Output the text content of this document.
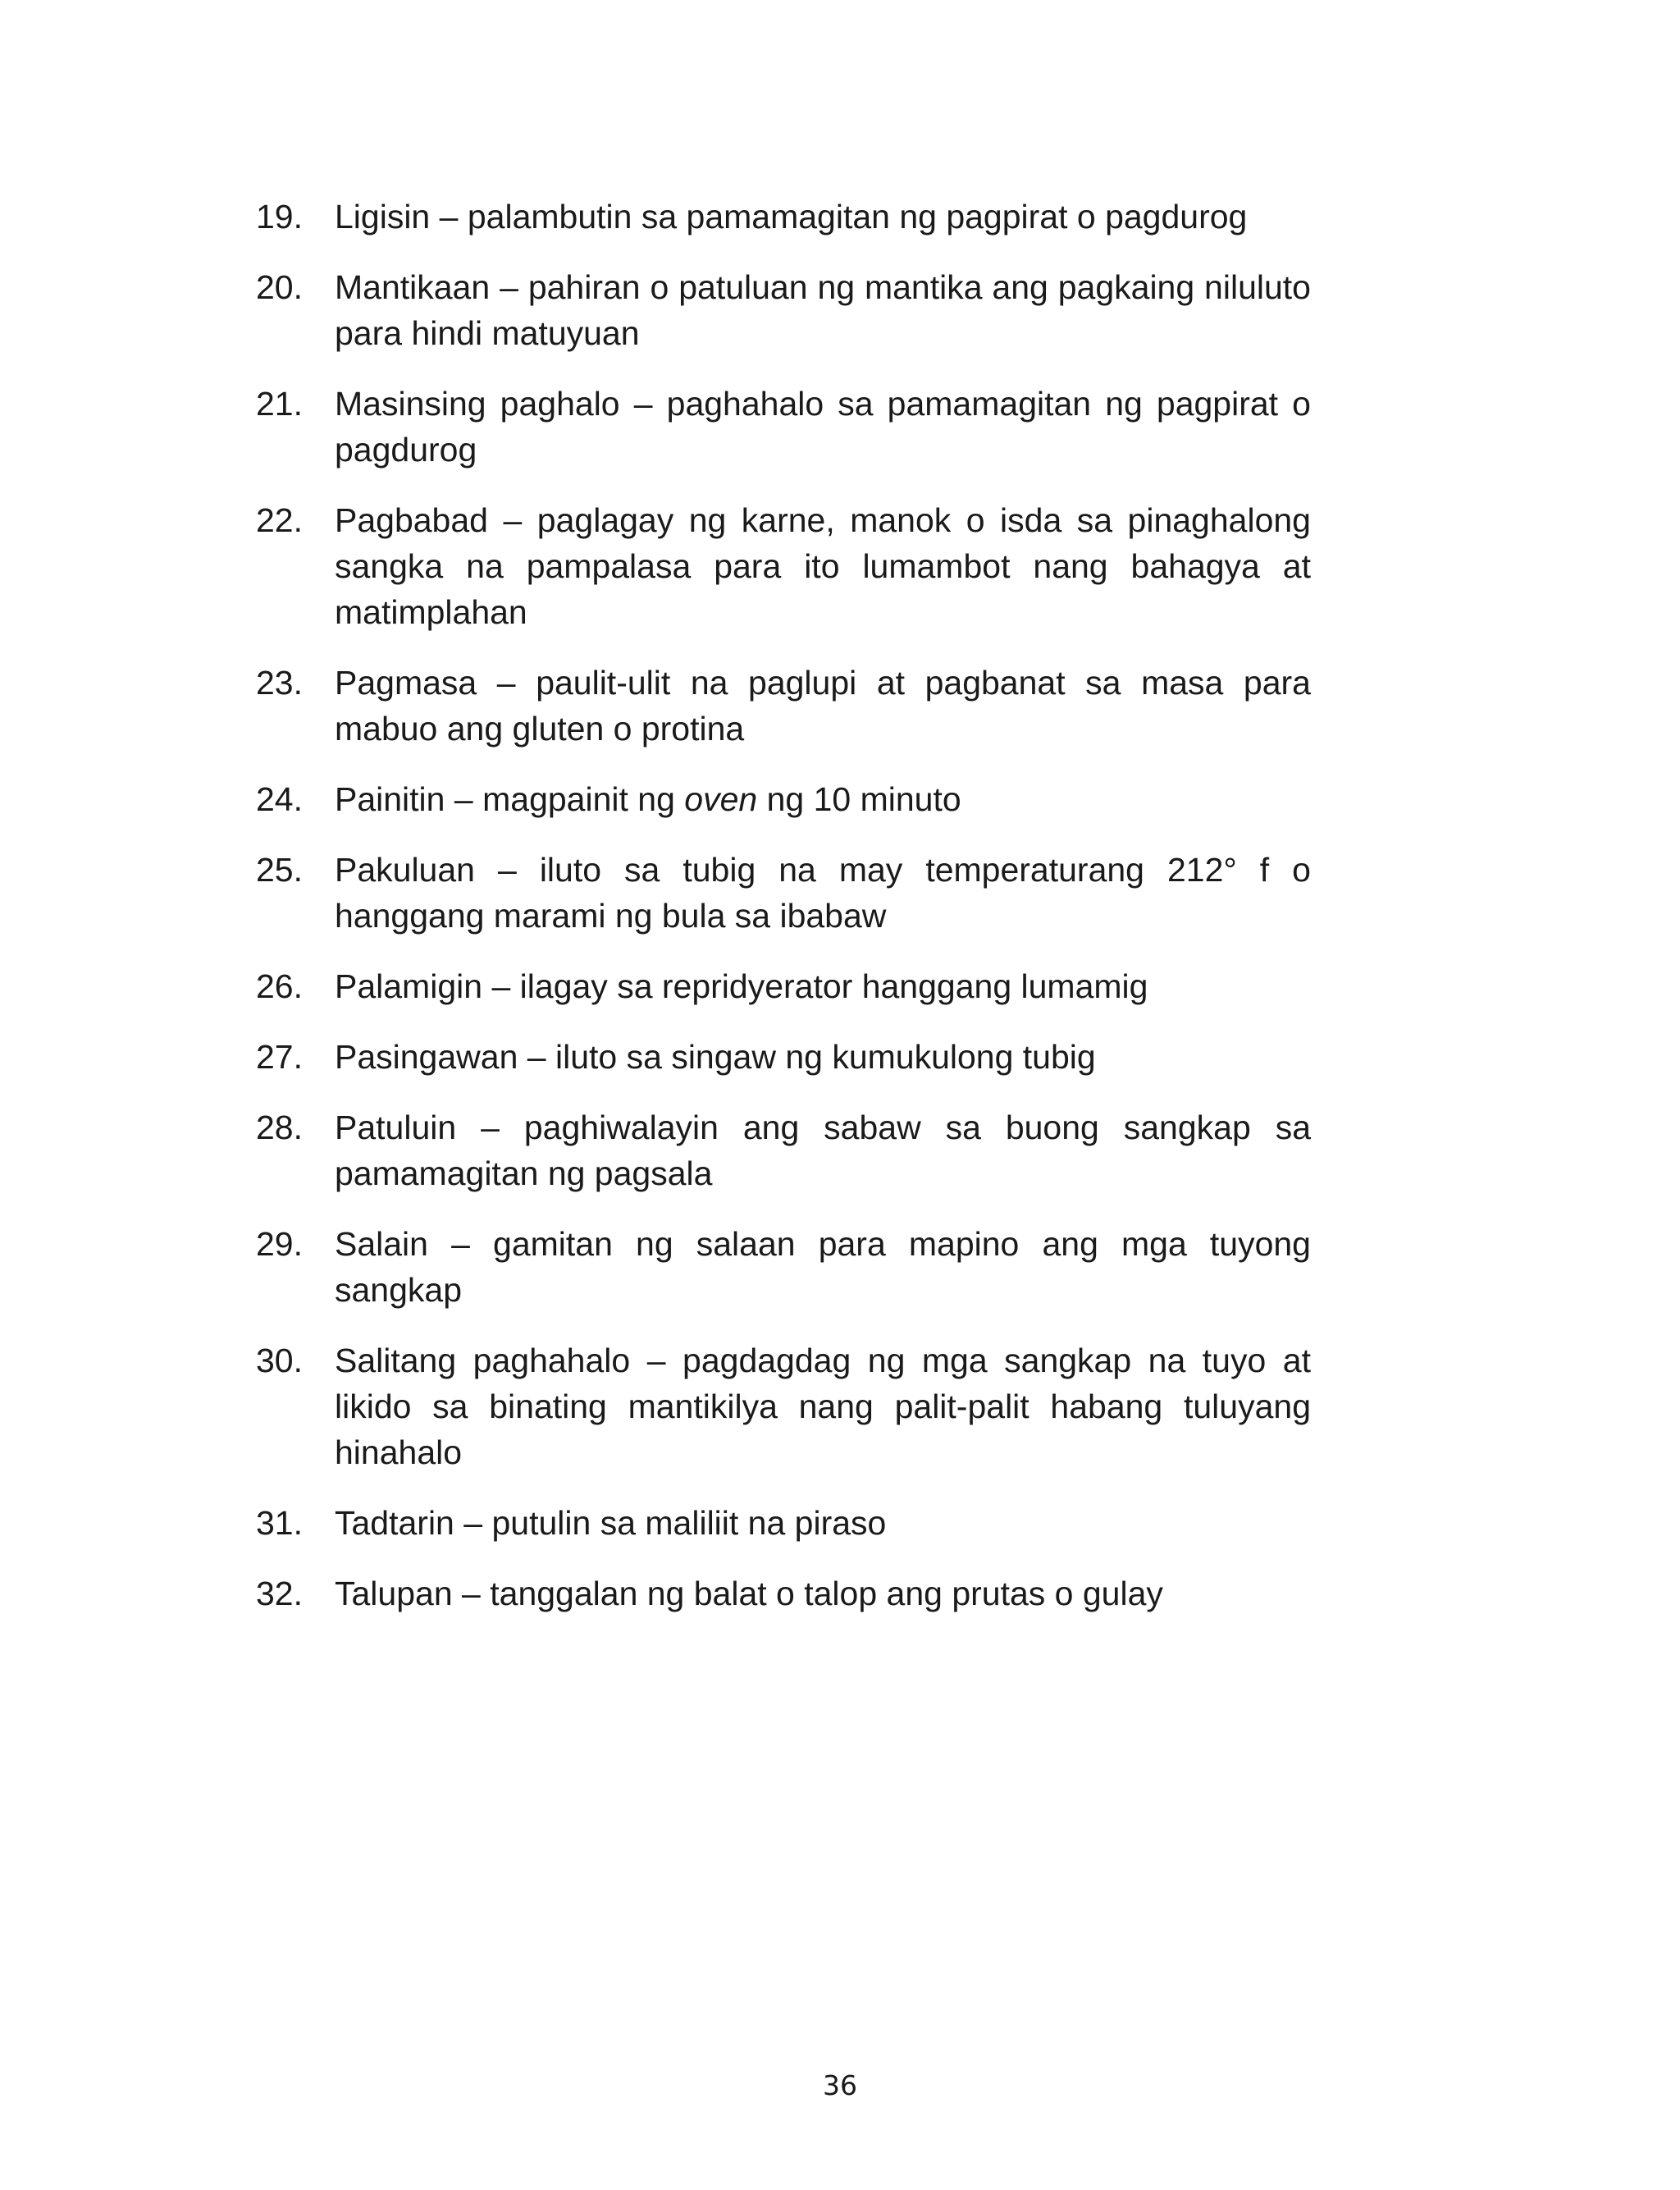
19. Ligisin – palambutin sa pamamagitan ng pagpirat o pagdurog
20. Mantikaan – pahiran o patuluan ng mantika ang pagkaing niluluto para hindi matuyuan
21. Masinsing paghalo – paghahalo sa pamamagitan ng pagpirat o pagdurog
22. Pagbabad – paglagay ng karne, manok o isda sa pinaghalong sangka na pampalasa para ito lumambot nang bahagya at matimplahan
23. Pagmasa – paulit-ulit na paglupi at pagbanat sa masa para mabuo ang gluten o protina
24. Painitin – magpainit ng oven ng 10 minuto
25. Pakuluan – iluto sa tubig na may temperaturang 212° f o hanggang marami ng bula sa ibabaw
26. Palamigin – ilagay sa repridyerator hanggang lumamig
27. Pasingawan – iluto sa singaw ng kumukulong tubig
28. Patuluin – paghiwalayin ang sabaw sa buong sangkap sa pamamagitan ng pagsala
29. Salain – gamitan ng salaan para mapino ang mga tuyong sangkap
30. Salitang paghahalo – pagdagdag ng mga sangkap na tuyo at likido sa binating mantikilya nang palit-palit habang tuluyang hinahalo
31. Tadtarin – putulin sa maliliit na piraso
32. Talupan – tanggalan ng balat o talop ang prutas o gulay
36
